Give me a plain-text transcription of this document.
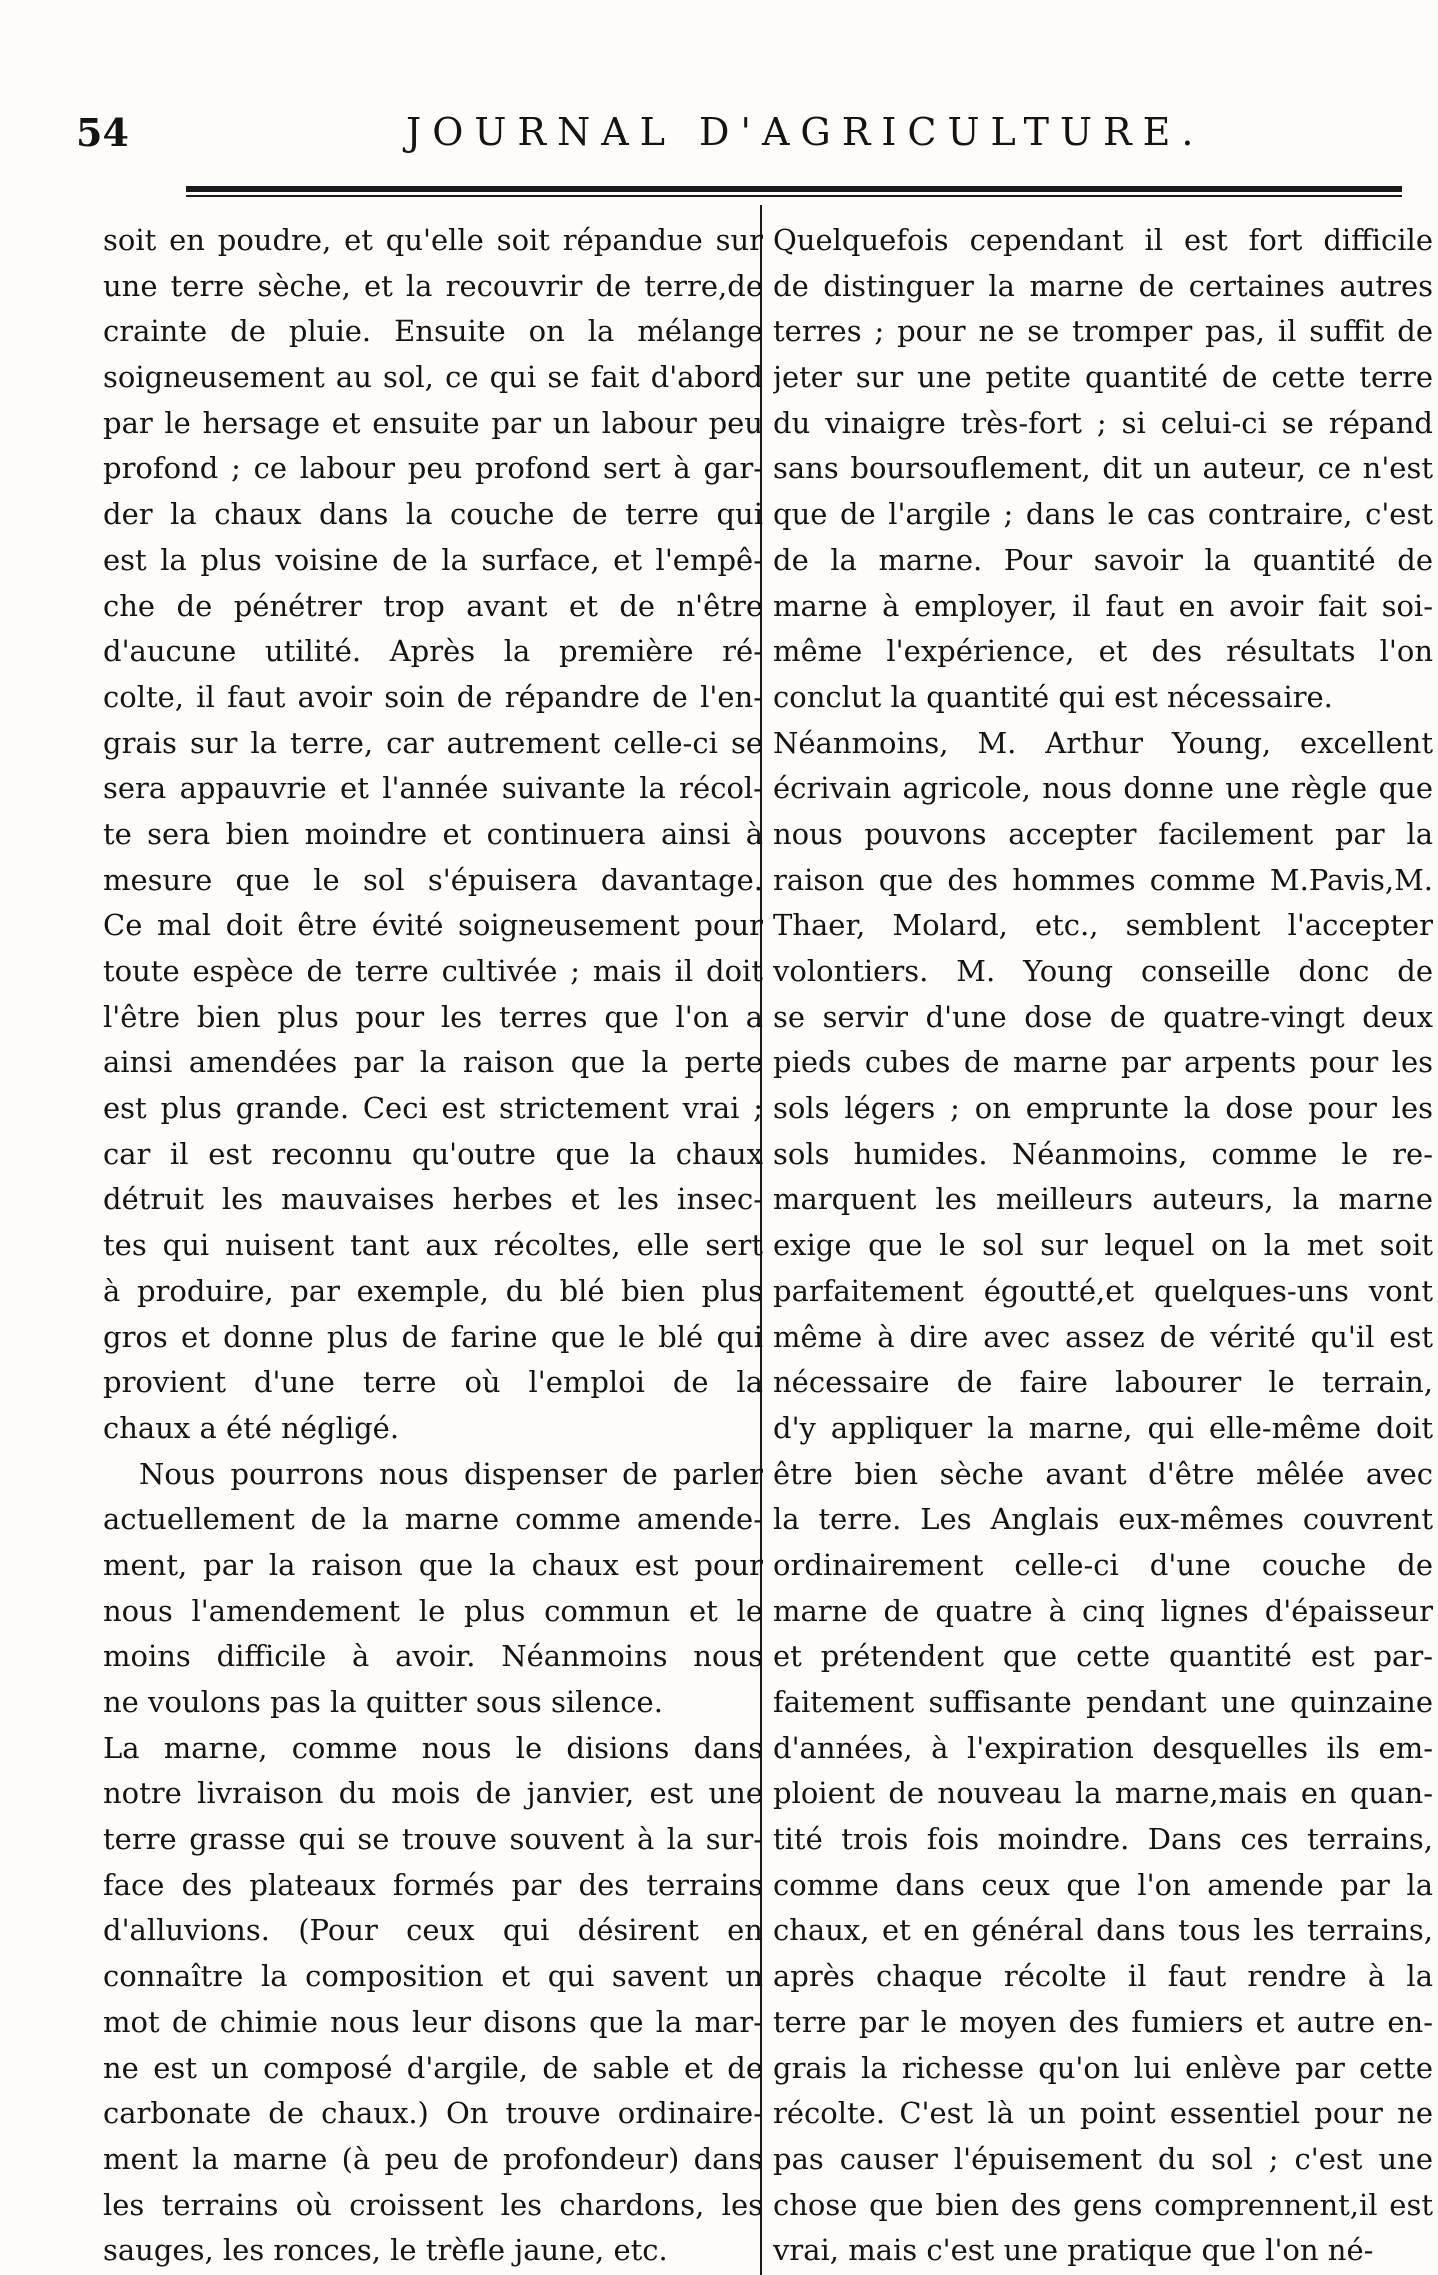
54	JOURNAL D'AGRICULTURE.
soit en poudre, et qu'elle soit répandue sur
une terre sèche, et la recouvrir de terre,de
crainte de pluie. Ensuite on la mélange
soigneusement au sol, ce qui se fait d'abord
par le hersage et ensuite par un labour peu
profond ; ce labour peu profond sert à gar-
der la chaux dans la couche de terre qui
est la plus voisine de la surface, et l'empê-
che de pénétrer trop avant et de n'être
d'aucune utilité. Après la première ré-
colte, il faut avoir soin de répandre de l'en-
grais sur la terre, car autrement celle-ci se
sera appauvrie et l'année suivante la récol-
te sera bien moindre et continuera ainsi à
mesure que le sol s'épuisera davantage.
Ce mal doit être évité soigneusement pour
toute espèce de terre cultivée ; mais il doit
l'être bien plus pour les terres que l'on a
ainsi amendées par la raison que la perte
est plus grande. Ceci est strictement vrai ;
car il est reconnu qu'outre que la chaux
détruit les mauvaises herbes et les insec-
tes qui nuisent tant aux récoltes, elle sert
à produire, par exemple, du blé bien plus
gros et donne plus de farine que le blé qui
provient d'une terre où l'emploi de la
chaux a été négligé.
Nous pourrons nous dispenser de parler
actuellement de la marne comme amende-
ment, par la raison que la chaux est pour
nous l'amendement le plus commun et le
moins difficile à avoir. Néanmoins nous
ne voulons pas la quitter sous silence.
La marne, comme nous le disions dans
notre livraison du mois de janvier, est une
terre grasse qui se trouve souvent à la sur-
face des plateaux formés par des terrains
d'alluvions. (Pour ceux qui désirent en
connaître la composition et qui savent un
mot de chimie nous leur disons que la mar-
ne est un composé d'argile, de sable et de
carbonate de chaux.) On trouve ordinaire-
ment la marne (à peu de profondeur) dans
les terrains où croissent les chardons, les
sauges, les ronces, le trèfle jaune, etc.
Quelquefois cependant il est fort difficile
de distinguer la marne de certaines autres
terres ; pour ne se tromper pas, il suffit de
jeter sur une petite quantité de cette terre
du vinaigre très-fort ; si celui-ci se répand
sans boursouflement, dit un auteur, ce n'est
que de l'argile ; dans le cas contraire, c'est
de la marne. Pour savoir la quantité de
marne à employer, il faut en avoir fait soi-
même l'expérience, et des résultats l'on
conclut la quantité qui est nécessaire.
Néanmoins, M. Arthur Young, excellent
écrivain agricole, nous donne une règle que
nous pouvons accepter facilement par la
raison que des hommes comme M.Pavis,M.
Thaer, Molard, etc., semblent l'accepter
volontiers. M. Young conseille donc de
se servir d'une dose de quatre-vingt deux
pieds cubes de marne par arpents pour les
sols légers ; on emprunte la dose pour les
sols humides. Néanmoins, comme le re-
marquent les meilleurs auteurs, la marne
exige que le sol sur lequel on la met soit
parfaitement égoutté,et quelques-uns vont
même à dire avec assez de vérité qu'il est
nécessaire de faire labourer le terrain,
d'y appliquer la marne, qui elle-même doit
être bien sèche avant d'être mêlée avec
la terre. Les Anglais eux-mêmes couvrent
ordinairement celle-ci d'une couche de
marne de quatre à cinq lignes d'épaisseur
et prétendent que cette quantité est par-
faitement suffisante pendant une quinzaine
d'années, à l'expiration desquelles ils em-
ploient de nouveau la marne,mais en quan-
tité trois fois moindre. Dans ces terrains,
comme dans ceux que l'on amende par la
chaux, et en général dans tous les terrains,
après chaque récolte il faut rendre à la
terre par le moyen des fumiers et autre en-
grais la richesse qu'on lui enlève par cette
récolte. C'est là un point essentiel pour ne
pas causer l'épuisement du sol ; c'est une
chose que bien des gens comprennent,il est
vrai, mais c'est une pratique que l'on né-
